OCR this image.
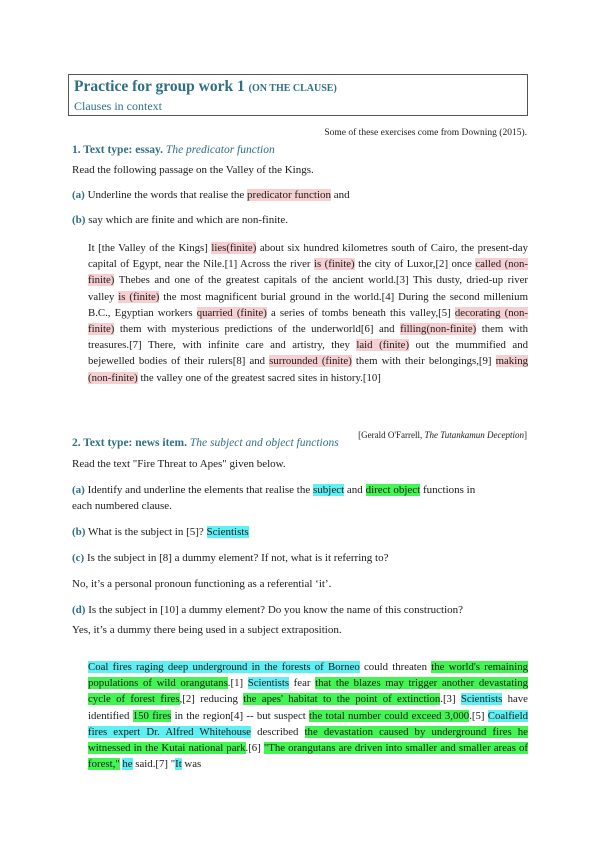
Practice for group work 1 (ON THE CLAUSE)
Clauses in context
Some of these exercises come from Downing (2015).
1. Text type: essay. The predicator function
Read the following passage on the Valley of the Kings.
(a) Underline the words that realise the predicator function and
(b) say which are finite and which are non-finite.
It [the Valley of the Kings] lies(finite) about six hundred kilometres south of Cairo, the present-day capital of Egypt, near the Nile.[1] Across the river is (finite) the city of Luxor,[2] once called (non-finite) Thebes and one of the greatest capitals of the ancient world.[3] This dusty, dried-up river valley is (finite) the most magnificent burial ground in the world.[4] During the second millenium B.C., Egyptian workers quarried (finite) a series of tombs beneath this valley,[5] decorating (non-finite) them with mysterious predictions of the underworld[6] and filling(non-finite) them with treasures.[7] There, with infinite care and artistry, they laid (finite) out the mummified and bejewelled bodies of their rulers[8] and surrounded (finite) them with their belongings,[9] making (non-finite) the valley one of the greatest sacred sites in history.[10]
[Gerald O'Farrell, The Tutankamun Deception]
2. Text type: news item. The subject and object functions
Read the text "Fire Threat to Apes" given below.
(a) Identify and underline the elements that realise the subject and direct object functions in
each numbered clause.
(b) What is the subject in [5]? Scientists
(c) Is the subject in [8] a dummy element? If not, what is it referring to?
No, it’s a personal pronoun functioning as a referential ‘it’.
(d) Is the subject in [10] a dummy element? Do you know the name of this construction?
Yes, it’s a dummy there being used in a subject extraposition.
Coal fires raging deep underground in the forests of Borneo could threaten the world's remaining populations of wild orangutans.[1] Scientists fear that the blazes may trigger another devastating cycle of forest fires,[2] reducing the apes' habitat to the point of extinction.[3] Scientists have identified 150 fires in the region[4] -- but suspect the total number could exceed 3,000.[5] Coalfield fires expert Dr. Alfred Whitehouse described the devastation caused by underground fires he witnessed in the Kutai national park.[6] "The orangutans are driven into smaller and smaller areas of forest," he said.[7] "It was
